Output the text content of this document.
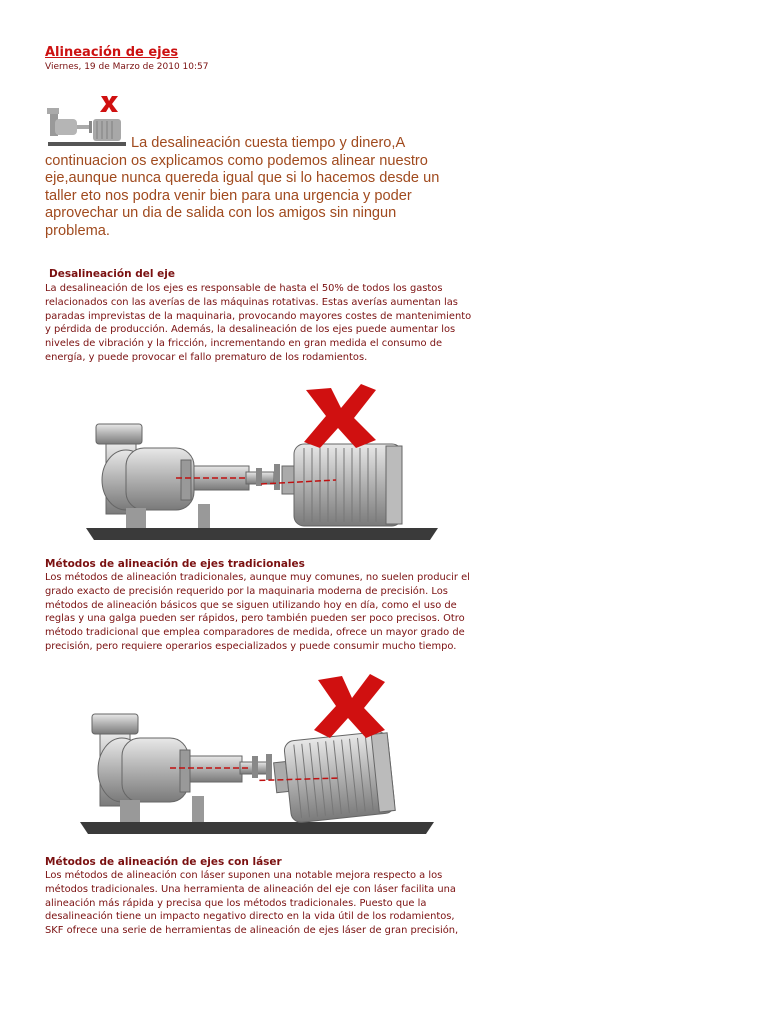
Alineación de ejes
Viernes, 19 de Marzo de 2010 10:57
La desalineación cuesta tiempo y dinero,A continuacion os explicamos como podemos alinear nuestro eje,aunque nunca quereda igual que si lo hacemos desde un taller eto nos podra venir bien para una urgencia y poder aprovechar un dia de salida con los amigos sin ningun problema.
Desalineación del eje
La desalineación de los ejes es responsable de hasta el 50% de todos los gastos
relacionados con las averías de las máquinas rotativas. Estas averías aumentan las
paradas imprevistas de la maquinaria, provocando mayores costes de mantenimiento
y pérdida de producción. Además, la desalineación de los ejes puede aumentar los
niveles de vibración y la fricción, incrementando en gran medida el consumo de
energía, y puede provocar el fallo prematuro de los rodamientos.
Métodos de alineación de ejes tradicionales
Los métodos de alineación tradicionales, aunque muy comunes, no suelen producir el
grado exacto de precisión requerido por la maquinaria moderna de precisión. Los
métodos de alineación básicos que se siguen utilizando hoy en día, como el uso de
reglas y una galga pueden ser rápidos, pero también pueden ser poco precisos. Otro
método tradicional que emplea comparadores de medida, ofrece un mayor grado de
precisión, pero requiere operarios especializados y puede consumir mucho tiempo.
Métodos de alineación de ejes con láser
Los métodos de alineación con láser suponen una notable mejora respecto a los
métodos tradicionales. Una herramienta de alineación del eje con láser facilita una
alineación más rápida y precisa que los métodos tradicionales. Puesto que la
desalineación tiene un impacto negativo directo en la vida útil de los rodamientos,
SKF ofrece una serie de herramientas de alineación de ejes láser de gran precisión,
